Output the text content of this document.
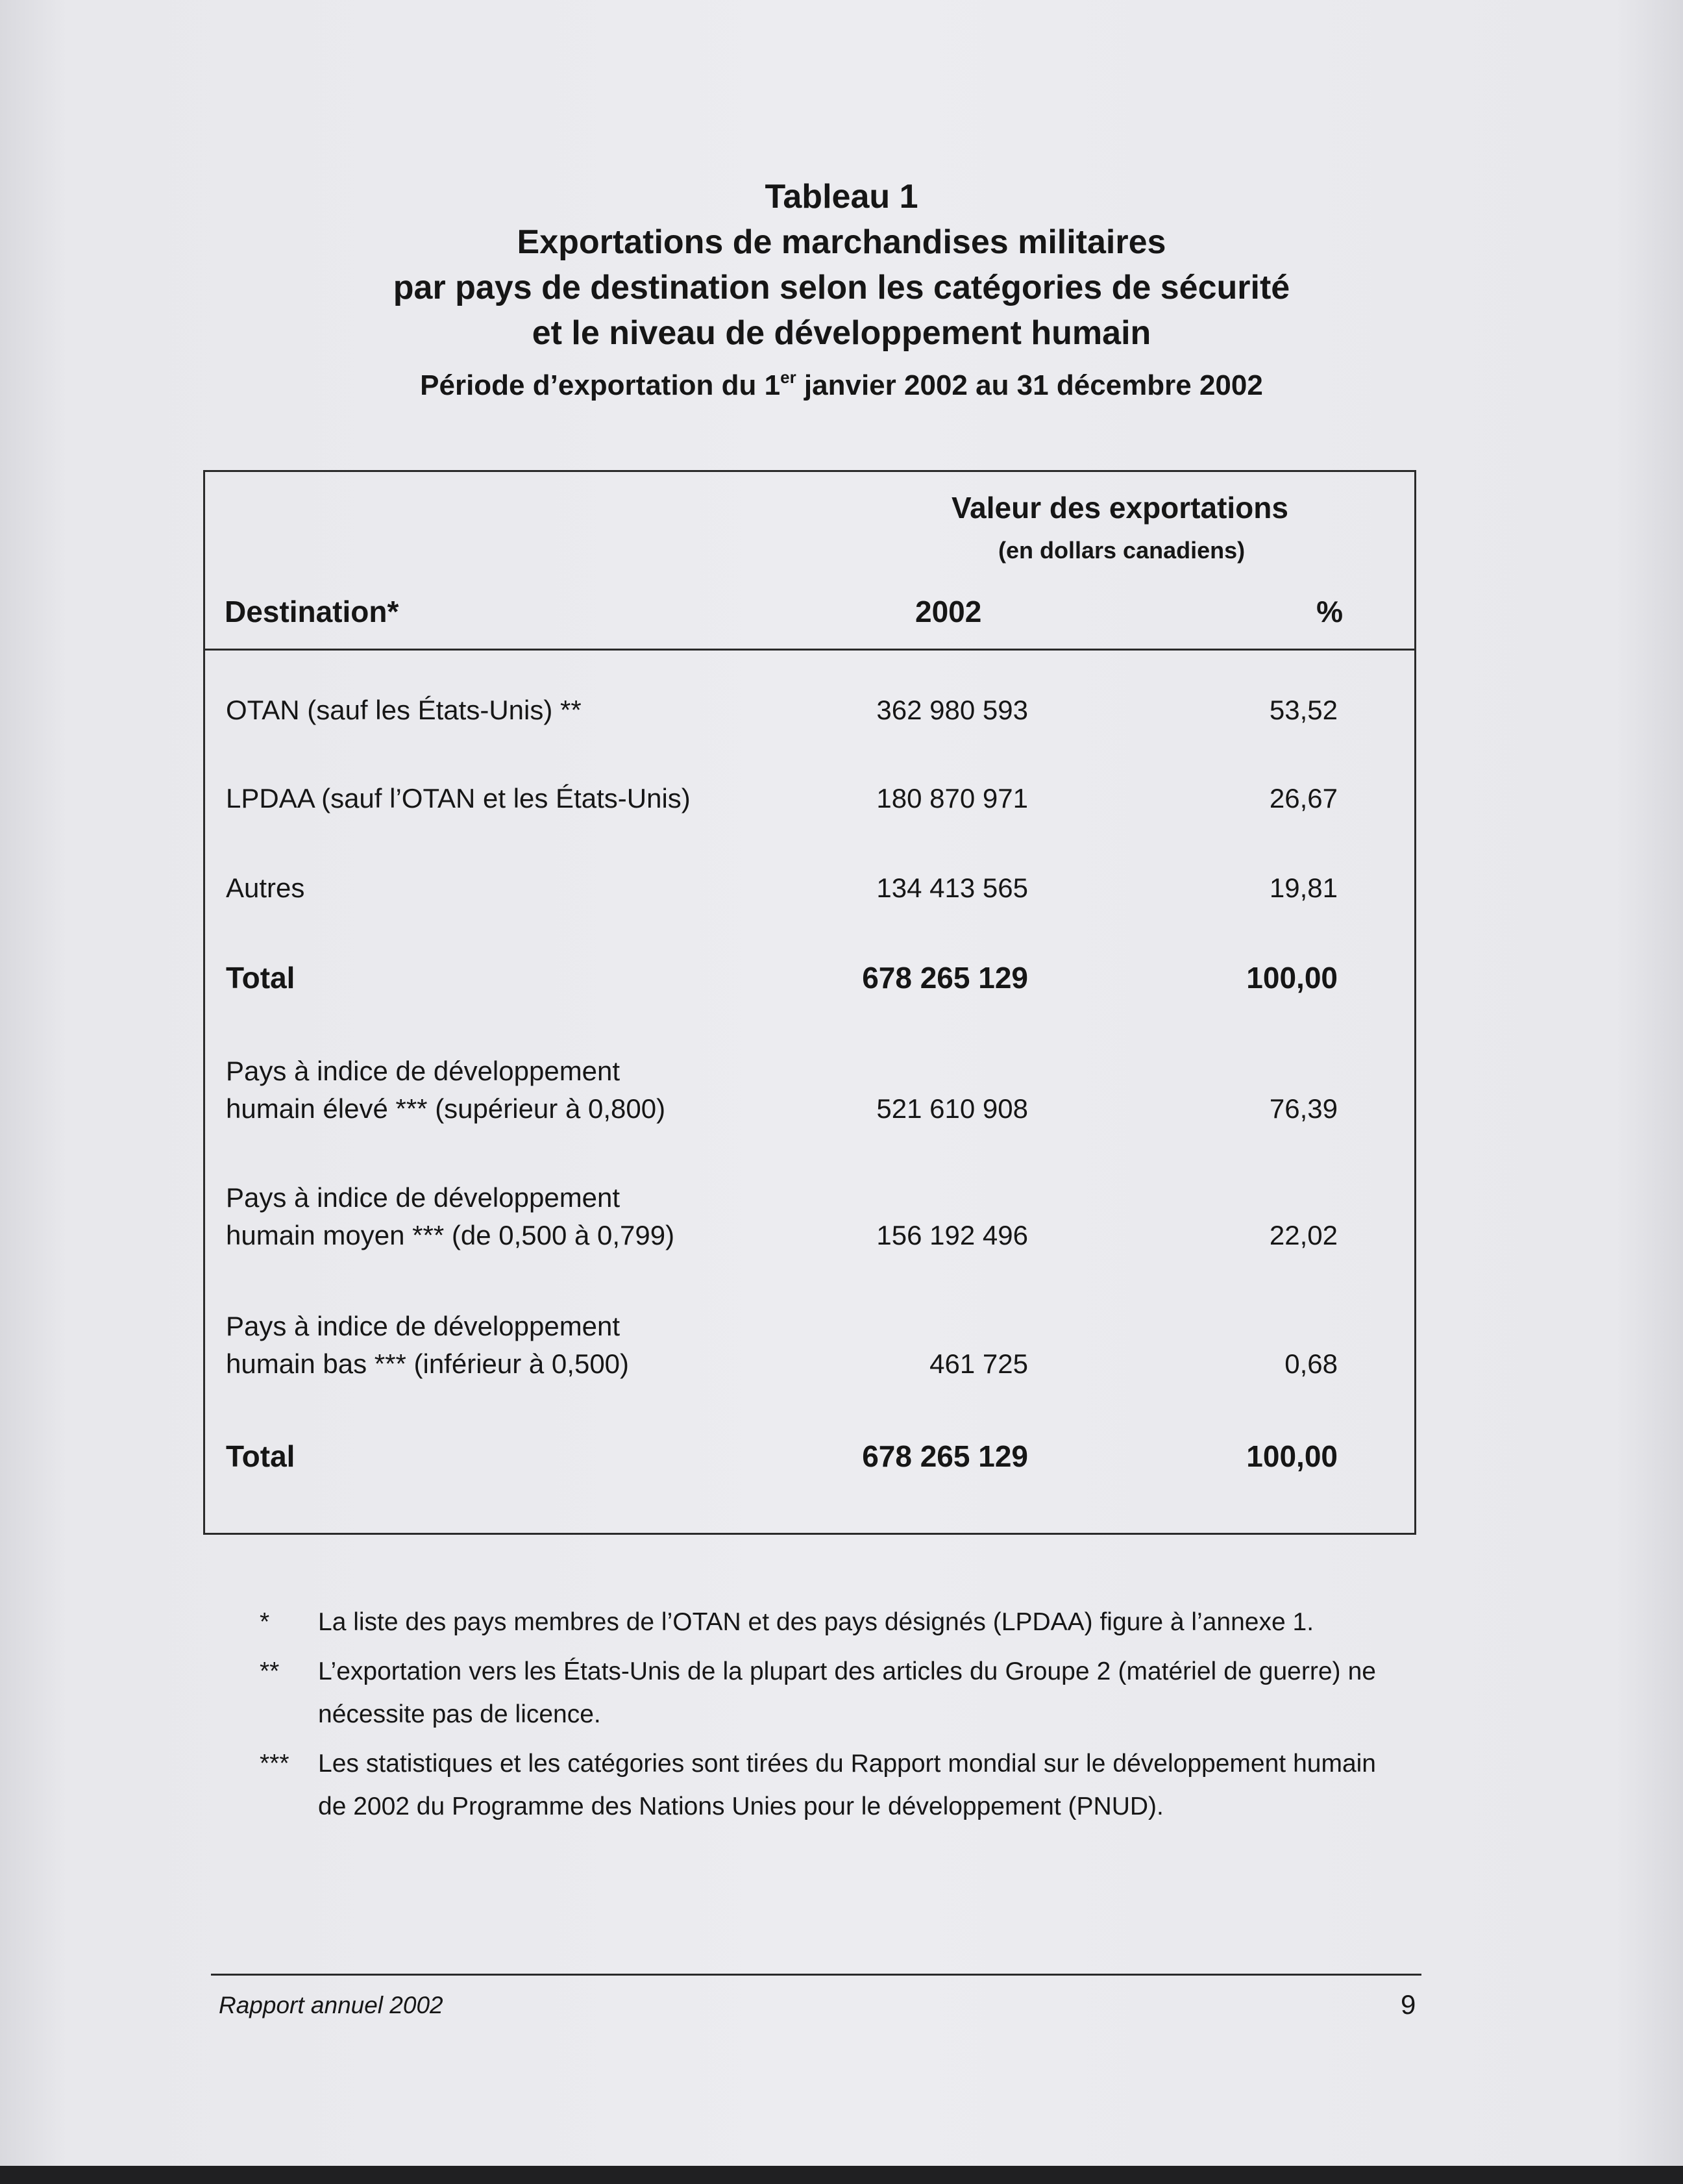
Tableau 1
Exportations de marchandises militaires
par pays de destination selon les catégories de sécurité
et le niveau de développement humain
Période d’exportation du 1er janvier 2002 au 31 décembre 2002
Valeur des exportations
(en dollars canadiens)
Destination*	2002	%
OTAN (sauf les États-Unis) **	362 980 593	53,52
LPDAA (sauf l’OTAN et les États-Unis)	180 870 971	26,67
Autres	134 413 565	19,81
Total	678 265 129	100,00
Pays à indice de développement
humain élevé *** (supérieur à 0,800)	521 610 908	76,39
Pays à indice de développement
humain moyen *** (de 0,500 à 0,799)	156 192 496	22,02
Pays à indice de développement
humain bas *** (inférieur à 0,500)	461 725	0,68
Total	678 265 129	100,00
*	La liste des pays membres de l’OTAN et des pays désignés (LPDAA) figure à l’annexe 1.
**	L’exportation vers les États-Unis de la plupart des articles du Groupe 2 (matériel de guerre) ne nécessite pas de licence.
***	Les statistiques et les catégories sont tirées du Rapport mondial sur le développement humain de 2002 du Programme des Nations Unies pour le développement (PNUD).
Rapport annuel 2002	9
